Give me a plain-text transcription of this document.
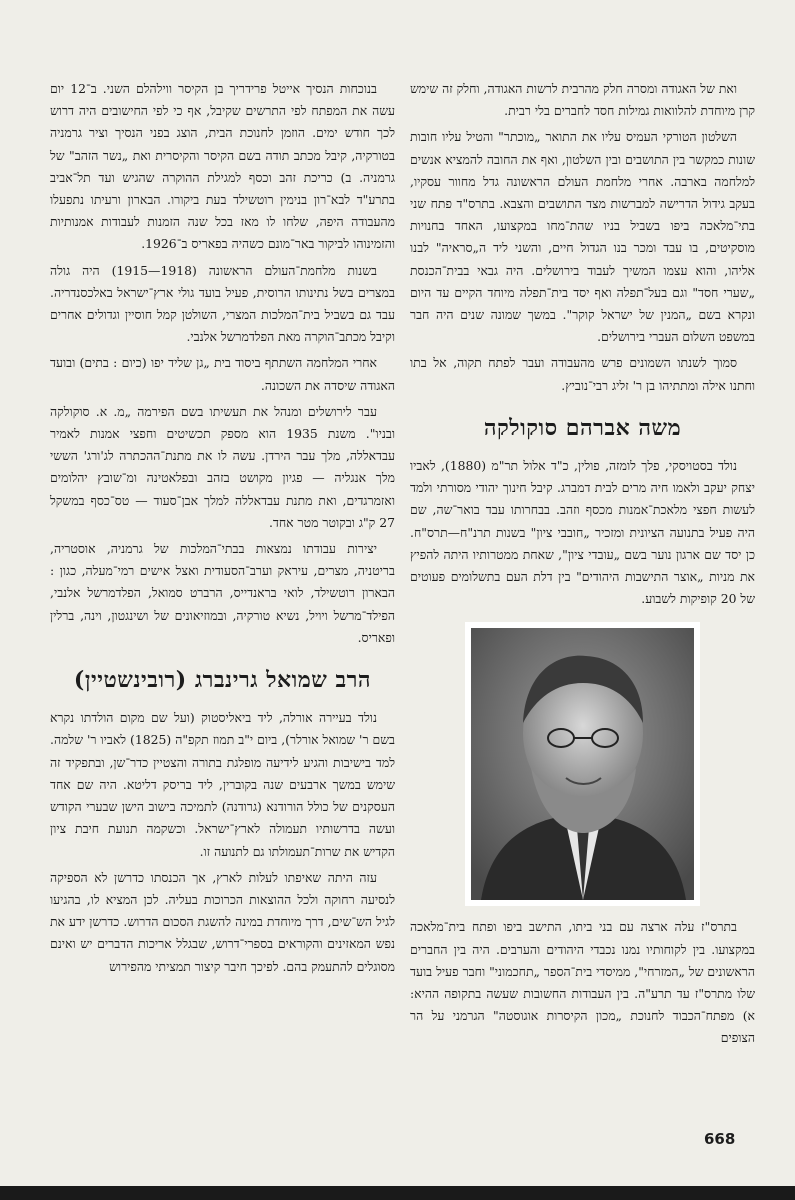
ואת של האגודה ומסרה חלק מהרבית לרשות האגודה, וחלק זה שימש קרן מיוחדת להלוואות גמילות חסד לחברים בלי רבית.

השלטון הטורקי העמיס עליו את התואר „מוכתר" והטיל עליו חובות שונות כמקשר בין התושבים ובין השלטון, ואף את החובה להמציא אנשים למלחמה בארבה. אחרי מלחמת העולם הראשונה גדל מחוור עסקיו, בעקב גידול הדרישה למברשות מצד התושבים והצבא. בתרס"ד פתח שני בתי־מלאכה ביפו בשביל בניו שהת־מחו במקצועו, האחד בחנויות מוסקיטים, בו עבד ומכר בנו הגדול חיים, והשני ליד ה„סראיה" לבנו אליהו, והוא עצמו המשיך לעבוד בירושלים. היה גבאי בבית־הכנסת „שערי חסד" וגם בעל־תפלה ואף יסד בית־תפלה מיוחד הקיים עד היום ונקרא בשם „המנין של ישראל קוקר". במשך שמונה שנים היה חבר במשפט השלום העברי בירושלים.

סמוך לשנתו השמונים פרש מהעבודה ועבר לפתח תקוה, אל בתו וחתנו אילה ומתתיהו בן ר' זליג רבי־נוביץ.

משה אברהם סוקולקה

נולד בסטויסקי, פלך לומזה, פולין, כ"ד אלול תר"מ (1880), לאביו יצחק יעקב ולאמו חיה מרים לבית דמברג. קיבל חינוך יהודי מסורתי ולמד לעשות חפצי מלאכת־אמנות מכסף וזהב. בבחרותו עבד בואר־שה, שם היה פעיל בתנועה הציונית ומזכיר „חובבי ציון" בשנות תרנ"ח—תרס"ח. כן יסד שם ארגון נוער בשם „עובדי ציון", שאחת ממטרותיו היתה להפיץ את מניות „אוצר התישבות היהודים" בין דלת העם בתשלומים פעוטים של 20 קופיקות לשבוע.

בתרס"ז עלה ארצה עם בני ביתו, התישב ביפו ופתח בית־מלאכה במקצועו. בין לקוחותיו נמנו נכבדי היהודים והערבים. היה בין החברים הראשונים של „המזרחי", ממיסדי בית־הספר „תחכמוני" וחבר פעיל בועד שלו מתרס"ז עד תרע"ה. בין העבודות החשובות שעשה בתקופה ההיא: א) מפתח־הכבוד לחנוכת „מכון הקיסרות אוגוסטה" הגרמני על הר הצופים

בנוכחות הנסיך אייטל פרידריך בן הקיסר ווילהלם השני. ב־12 יום עשה את המפתח לפי התרשים שקיבל, אף כי לפי החישובים היה דרוש לכך חודש ימים. הוזמן לחנוכת הבית, הוצג בפני הנסיך וציר גרמניה בטורקיה, קיבל מכתב תודה בשם הקיסר והקיסרית ואת „נשר הזהב" של גרמניה. ב) כריכת זהב וכסף למגילת ההוקרה שהגיש ועד תל־אביב בתרע"ד לבא־רון בנימין רוטשילד בעת ביקורו. הבארון ורעיתו נתפעלו מהעבודה היפה, שלחו לו מאז בכל שנה הזמנות לעבודות אמנותיות והזמינוהו לביקור באר־מונם כשהיה בפאריס ב־1926.

בשנות מלחמת־העולם הראשונה (1918—1915) היה גולה במצרים בשל נתינותו הרוסית, פעיל בועד גולי ארץ־ישראל באלכסנדריה. עבד גם בשביל בית־המלכות המצרי, השולטן קמל חוסיין וגדולים אחרים וקיבל מכתב־הוקרה מאת הפלדמרשל אלנבי.

אחרי המלחמה השתתף ביסוד בית „גן שליד יפו (כיום : בתים) ובועד האגודה שיסדה את השכונה.

עבר לירושלים ומנהל את תעשיתו בשם הפירמה „מ. א. סוקולקה ובניו". משנת 1935 הוא מספק תכשיטים וחפצי אמנות לאמיר עבדאללה, מלך עבר הירדן. עשה לו את מתנת־ההכתרה לג'ורג' הששי מלך אנגליה — פגיון מקושט בזהב ובפלאטינה ומ־שובץ יהלומים ואזמרגדים, ואת מתנת עבדאללה למלך אבן־סעוד — טס־כסף במשקל 27 ק"ג ובקוטר מטר אחד.

יצירות עבודתו נמצאות בבתי־המלכות של גרמניה, אוסטריה, בריטניה, מצרים, עיראק וערב־הסעודית ואצל אישים רמי־מעלה, כגון : הבארון רוטשילד, לואי בראנדייס, הרברט סמואל, הפלדמרשל אלנבי, הפילד־מרשל ויויל, נשיא טורקיה, ובמוזיאונים של ושינגטון, וינה, ברלין ופאריס.

הרב שמואל גרינברג (רובינשטיין)

נולד בעיירה אורלה, ליד ביאליסטוק (ועל שם מקום הולדתו נקרא בשם ר' שמואל אורלר), ביום י"ב תמוז תקפ"ה (1825) לאביו ר' שלמה. למד בישיבות והגיע לידיעה מופלגת בתורה והצטיין כדר־שן, ובתפקיד זה שימש במשך ארבעים שנה בקוברין, ליד בריסק דליטא. היה שם אחד העסקנים של כולל הורודנא (גרודנה) לתמיכה בישוב הישן שבערי הקודש ועשה בדרשותיו תעמולה לארץ־ישראל. וכשקמה תנועת חיבת ציון הקדיש את שרות־תעמולתו גם לתנועה זו.

עזה היתה שאיפתו לעלות לארץ, אך הכנסתו כדרשן לא הספיקה לנסיעה רחוקה ולכל ההוצאות הכרוכות בעליה. לכן המציא לו, בהגיעו לגיל הש־שים, דרך מיוחדת במינה להשגת הסכום הדרוש. כדרשן ידע את נפש המאזינים והקוראים בספרי־דרוש, שבגלל אריכות הדברים יש ואינם מסוגלים להתעמק בהם. לפיכך חיבר קיצור תמציתי מהפירוש

668
